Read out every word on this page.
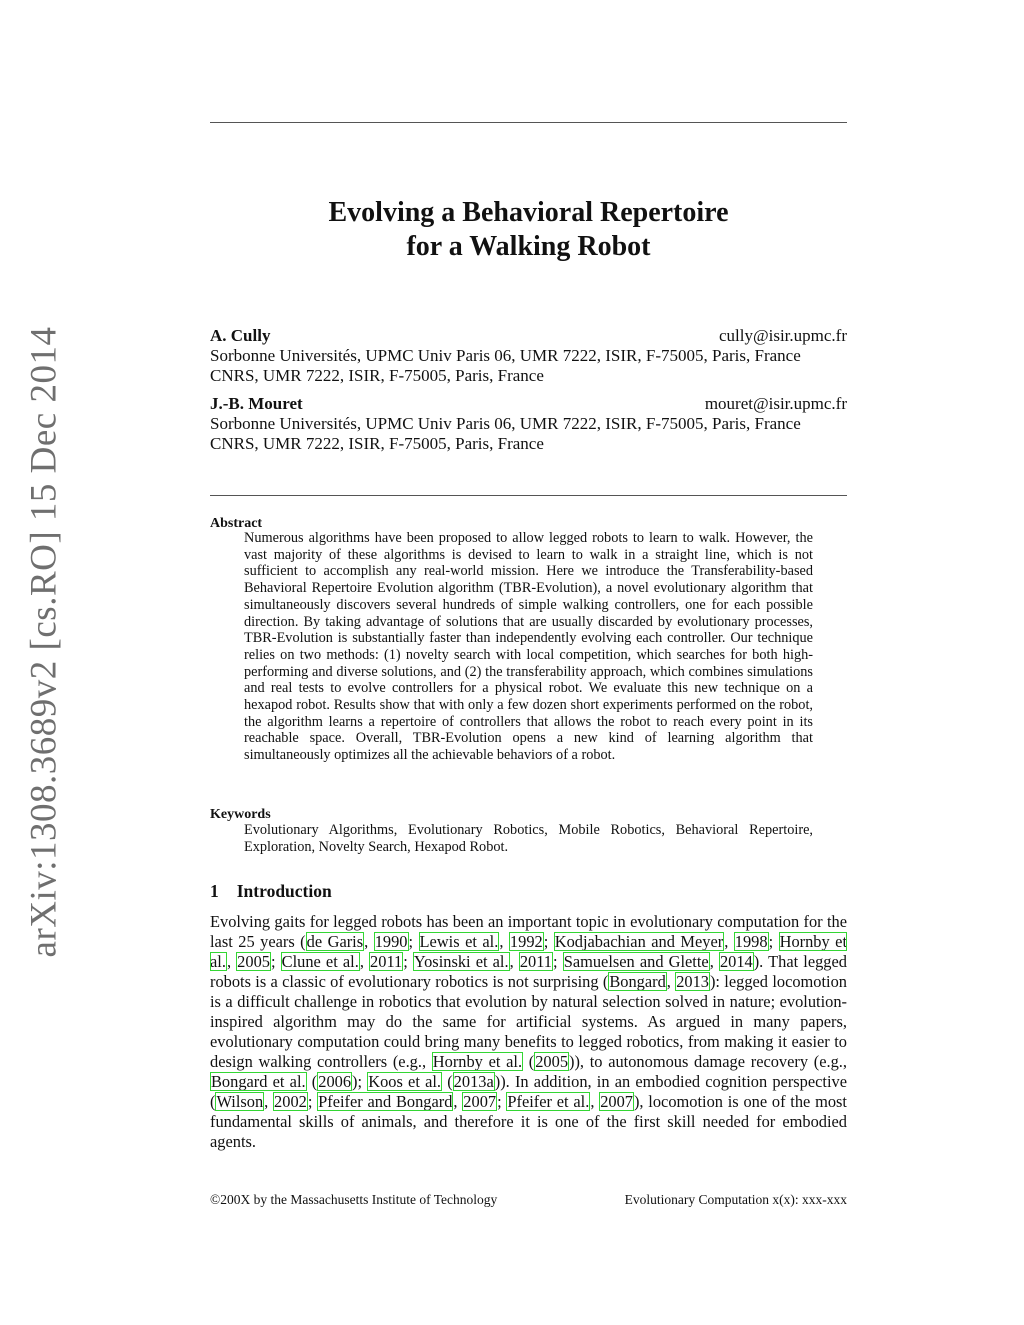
arXiv:1308.3689v2 [cs.RO] 15 Dec 2014
Evolving a Behavioral Repertoire
for a Walking Robot
A. Cully	cully@isir.upmc.fr
Sorbonne Universités, UPMC Univ Paris 06, UMR 7222, ISIR, F-75005, Paris, France
CNRS, UMR 7222, ISIR, F-75005, Paris, France
J.-B. Mouret	mouret@isir.upmc.fr
Sorbonne Universités, UPMC Univ Paris 06, UMR 7222, ISIR, F-75005, Paris, France
CNRS, UMR 7222, ISIR, F-75005, Paris, France
Abstract

Numerous algorithms have been proposed to allow legged robots to learn to walk. However, the vast majority of these algorithms is devised to learn to walk in a straight line, which is not sufficient to accomplish any real-world mission. Here we introduce the Transferability-based Behavioral Repertoire Evolution algorithm (TBR-Evolution), a novel evolutionary algorithm that simultaneously discovers several hundreds of simple walking controllers, one for each possible direction. By taking advantage of solutions that are usually discarded by evolutionary processes, TBR-Evolution is substantially faster than independently evolving each controller. Our technique relies on two methods: (1) novelty search with local competition, which searches for both high-performing and diverse solutions, and (2) the transferability approach, which combines simulations and real tests to evolve controllers for a physical robot. We evaluate this new technique on a hexapod robot. Results show that with only a few dozen short experiments performed on the robot, the algorithm learns a repertoire of controllers that allows the robot to reach every point in its reachable space. Overall, TBR-Evolution opens a new kind of learning algorithm that simultaneously optimizes all the achievable behaviors of a robot.

Keywords

Evolutionary Algorithms, Evolutionary Robotics, Mobile Robotics, Behavioral Repertoire, Exploration, Novelty Search, Hexapod Robot.

1 Introduction

Evolving gaits for legged robots has been an important topic in evolutionary computation for the last 25 years (de Garis, 1990; Lewis et al., 1992; Kodjabachian and Meyer, 1998; Hornby et al., 2005; Clune et al., 2011; Yosinski et al., 2011; Samuelsen and Glette, 2014). That legged robots is a classic of evolutionary robotics is not surprising (Bongard, 2013): legged locomotion is a difficult challenge in robotics that evolution by natural selection solved in nature; evolution-inspired algorithm may do the same for artificial systems. As argued in many papers, evolutionary computation could bring many benefits to legged robotics, from making it easier to design walking controllers (e.g., Hornby et al. (2005)), to autonomous damage recovery (e.g., Bongard et al. (2006); Koos et al. (2013a)). In addition, in an embodied cognition perspective (Wilson, 2002; Pfeifer and Bongard, 2007; Pfeifer et al., 2007), locomotion is one of the most fundamental skills of animals, and therefore it is one of the first skill needed for embodied agents.

©200X by the Massachusetts Institute of Technology	Evolutionary Computation x(x): xxx-xxx
